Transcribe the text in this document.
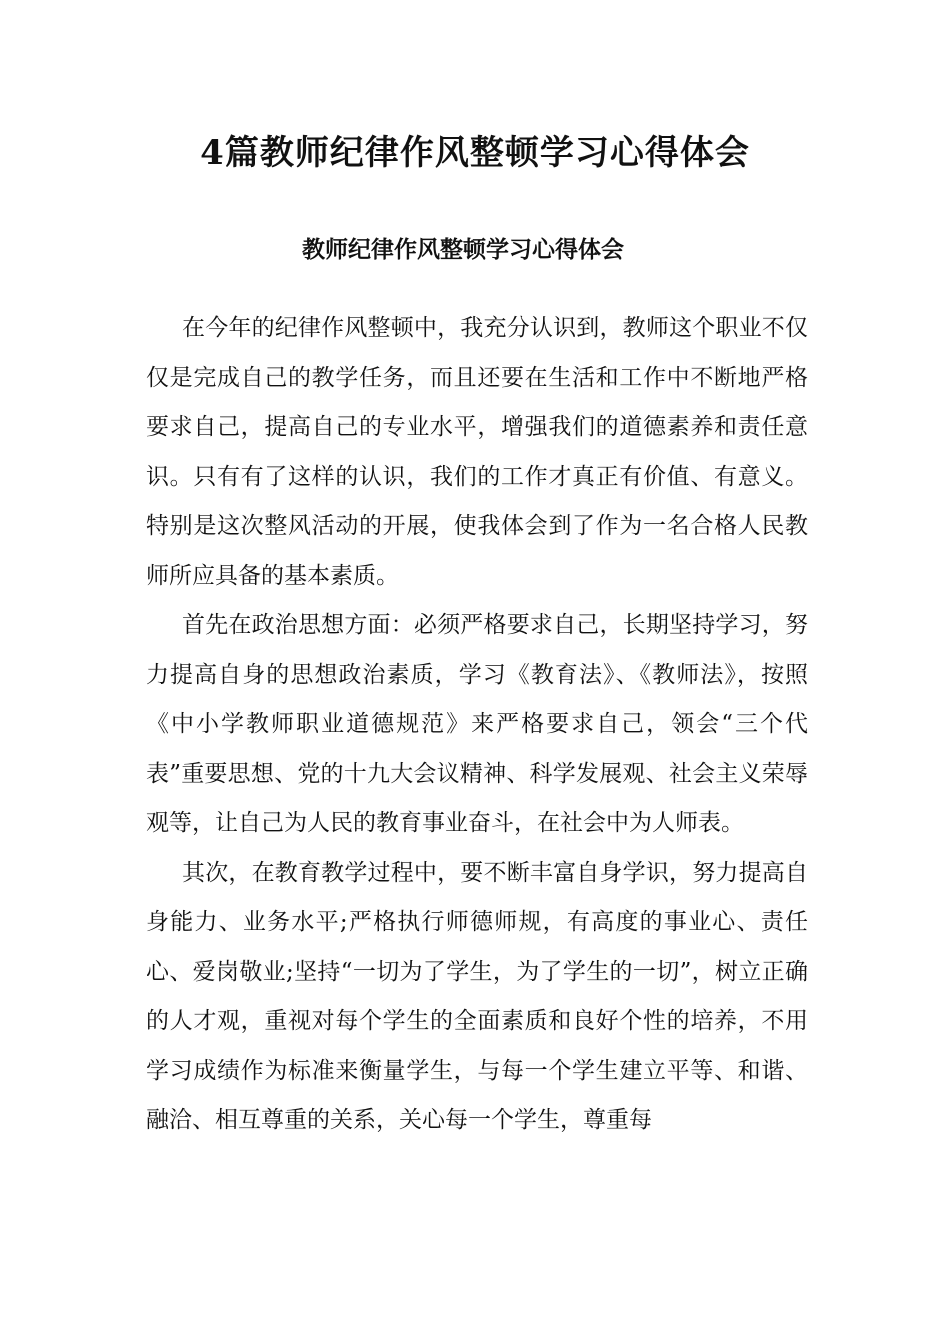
4篇教师纪律作风整顿学习心得体会
教师纪律作风整顿学习心得体会

在今年的纪律作风整顿中，我充分认识到，教师这个职业不仅仅是完成自己的教学任务，而且还要在生活和工作中不断地严格要求自己，提高自己的专业水平，增强我们的道德素养和责任意识。只有有了这样的认识，我们的工作才真正有价值、有意义。特别是这次整风活动的开展，使我体会到了作为一名合格人民教师所应具备的基本素质。

首先在政治思想方面：必须严格要求自己，长期坚持学习，努力提高自身的思想政治素质，学习《教育法》、《教师法》，按照《中小学教师职业道德规范》来严格要求自己，领会“三个代表”重要思想、党的十九大会议精神、科学发展观、社会主义荣辱观等，让自己为人民的教育事业奋斗，在社会中为人师表。

其次，在教育教学过程中，要不断丰富自身学识，努力提高自身能力、业务水平;严格执行师德师规，有高度的事业心、责任心、爱岗敬业;坚持“一切为了学生，为了学生的一切”，树立正确的人才观，重视对每个学生的全面素质和良好个性的培养，不用学习成绩作为标准来衡量学生，与每一个学生建立平等、和谐、融洽、相互尊重的关系，关心每一个学生，尊重每
